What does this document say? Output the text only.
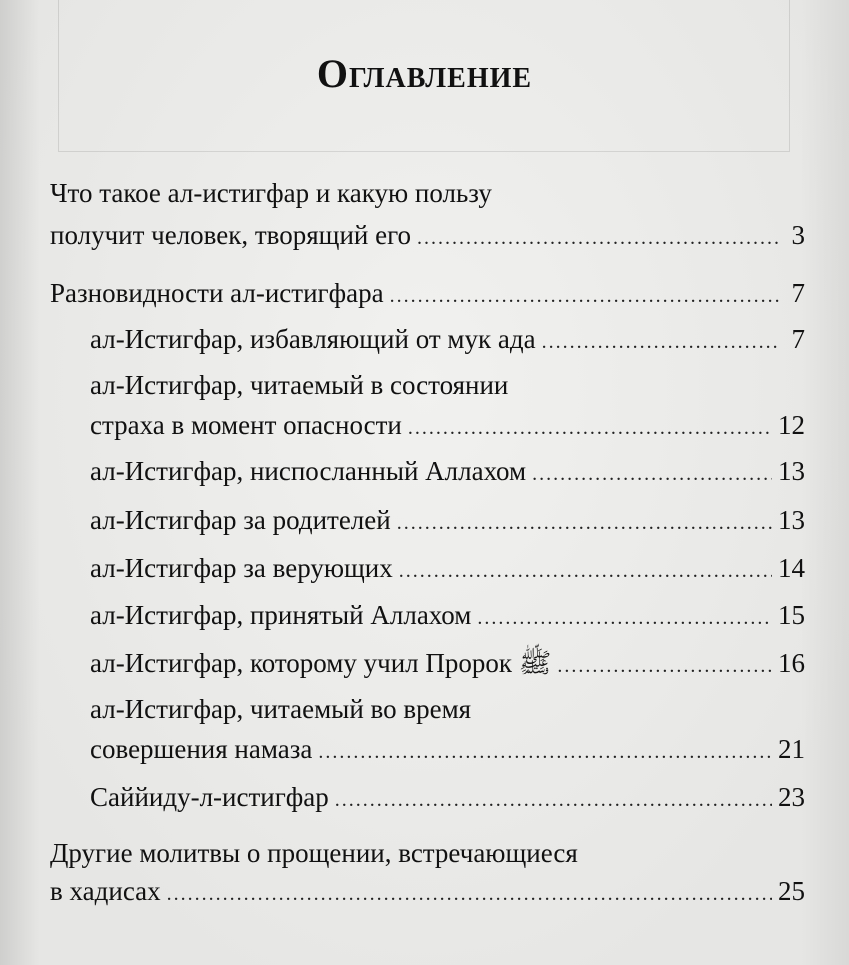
Оглавление
Что такое ал-истигфар и какую пользу
получит человек, творящий его .....	3
Разновидности ал-истигфара .....	7
ал-Истигфар, избавляющий от мук ада .....	7
ал-Истигфар, читаемый в состоянии
страха в момент опасности .....	12
ал-Истигфар, ниспосланный Аллахом .....	13
ал-Истигфар за родителей .....	13
ал-Истигфар за верующих .....	14
ал-Истигфар, принятый Аллахом .....	15
ал-Истигфар, которому учил Пророк ﷺ .....	16
ал-Истигфар, читаемый во время
совершения намаза .....	21
Саййиду-л-истигфар .....	23
Другие молитвы о прощении, встречающиеся
в хадисах .....	25
